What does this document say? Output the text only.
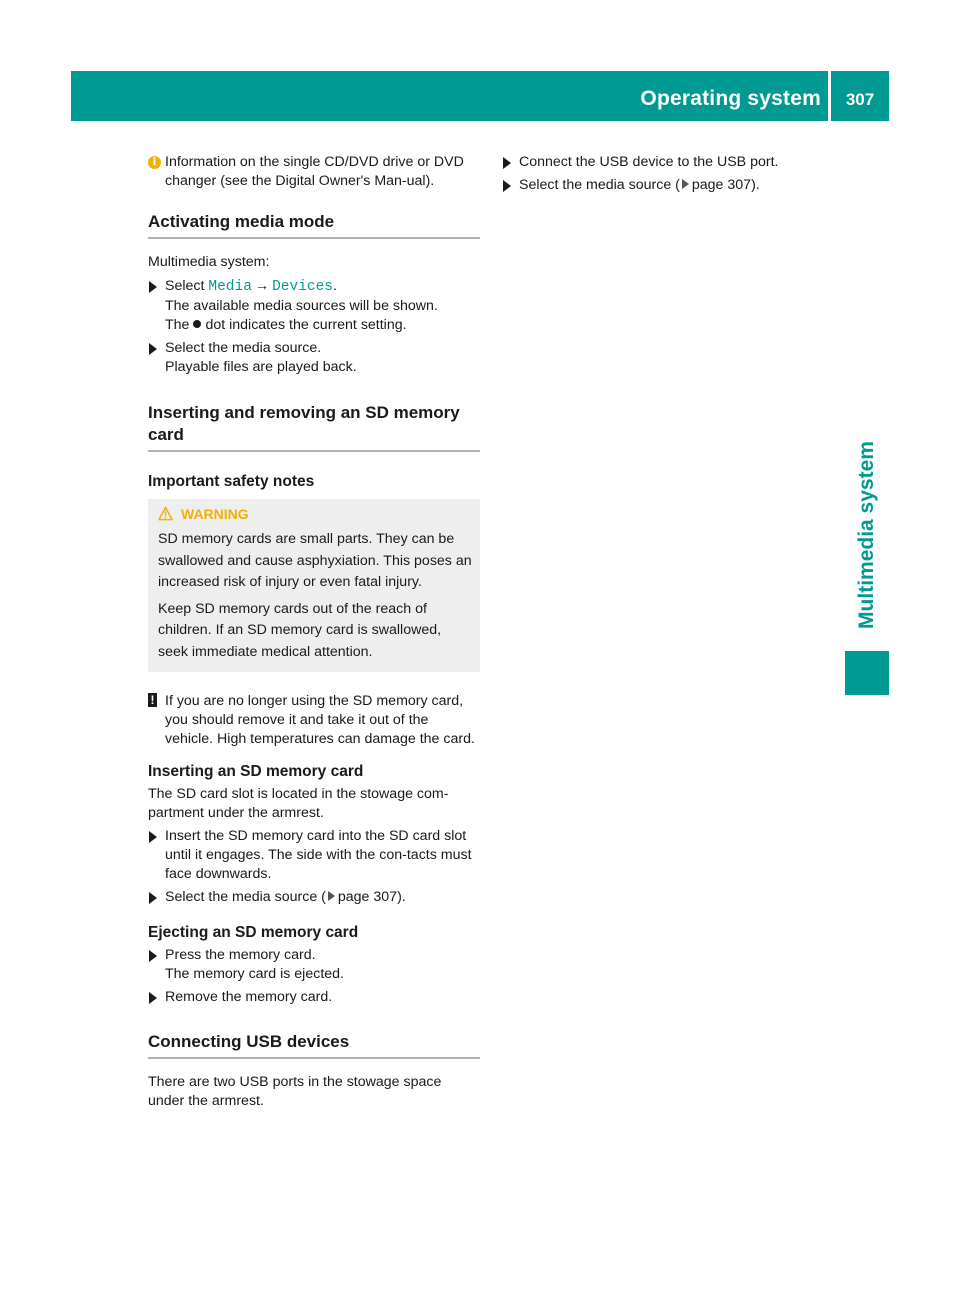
Operating system	307
Multimedia system
i Information on the single CD/DVD drive or DVD changer (see the Digital Owner's Man-ual).

Activating media mode

Multimedia system:

Select Media → Devices.

The available media sources will be shown.

The dot indicates the current setting.

Select the media source.

Playable files are played back.

Inserting and removing an SD memory card
Important safety notes
WARNING

SD memory cards are small parts. They can be swallowed and cause asphyxiation. This poses an increased risk of injury or even fatal injury.

Keep SD memory cards out of the reach of children. If an SD memory card is swallowed, seek immediate medical attention.

! If you are no longer using the SD memory card, you should remove it and take it out of the vehicle. High temperatures can damage the card.

Inserting an SD memory card

The SD card slot is located in the stowage com-partment under the armrest.

Insert the SD memory card into the SD card slot until it engages. The side with the con-tacts must face downwards.

Select the media source ( page 307).

Ejecting an SD memory card

Press the memory card.

The memory card is ejected.

Remove the memory card.

Connecting USB devices

There are two USB ports in the stowage space under the armrest.

Connect the USB device to the USB port.

Select the media source ( page 307).
